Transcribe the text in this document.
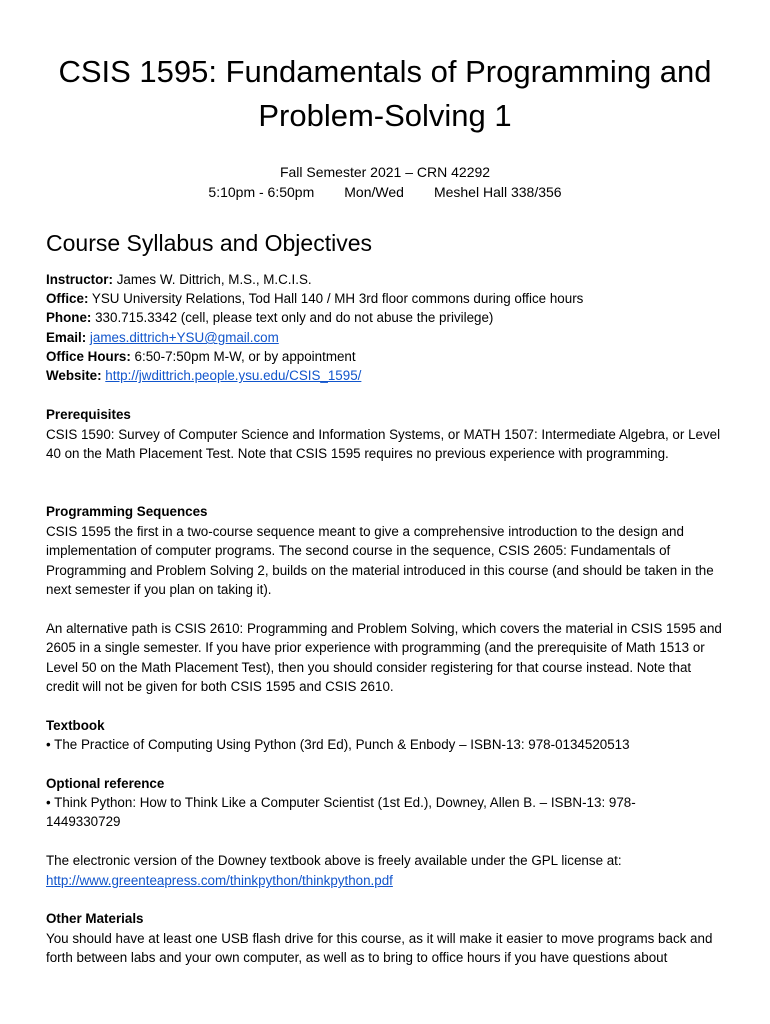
CSIS 1595: Fundamentals of Programming and Problem-Solving 1
Fall Semester 2021 – CRN 42292
5:10pm - 6:50pm Mon/Wed Meshel Hall 338/356
Course Syllabus and Objectives
Instructor: James W. Dittrich, M.S., M.C.I.S.
Office: YSU University Relations, Tod Hall 140 / MH 3rd floor commons during office hours
Phone: 330.715.3342 (cell, please text only and do not abuse the privilege)
Email: james.dittrich+YSU@gmail.com
Office Hours: 6:50-7:50pm M-W, or by appointment
Website: http://jwdittrich.people.ysu.edu/CSIS_1595/
Prerequisites

CSIS 1590: Survey of Computer Science and Information Systems, or MATH 1507: Intermediate Algebra, or Level 40 on the Math Placement Test. Note that CSIS 1595 requires no previous experience with programming.

Programming Sequences

CSIS 1595 the first in a two-course sequence meant to give a comprehensive introduction to the design and implementation of computer programs. The second course in the sequence, CSIS 2605: Fundamentals of Programming and Problem Solving 2, builds on the material introduced in this course (and should be taken in the next semester if you plan on taking it).

An alternative path is CSIS 2610: Programming and Problem Solving, which covers the material in CSIS 1595 and 2605 in a single semester. If you have prior experience with programming (and the prerequisite of Math 1513 or Level 50 on the Math Placement Test), then you should consider registering for that course instead. Note that credit will not be given for both CSIS 1595 and CSIS 2610.

Textbook
• The Practice of Computing Using Python (3rd Ed), Punch & Enbody – ISBN-13: 978-0134520513
Optional reference

• Think Python: How to Think Like a Computer Scientist (1st Ed.), Downey, Allen B. – ISBN-13: 978-1449330729

The electronic version of the Downey textbook above is freely available under the GPL license at:
http://www.greenteapress.com/thinkpython/thinkpython.pdf
Other Materials

You should have at least one USB flash drive for this course, as it will make it easier to move programs back and forth between labs and your own computer, as well as to bring to office hours if you have questions about
